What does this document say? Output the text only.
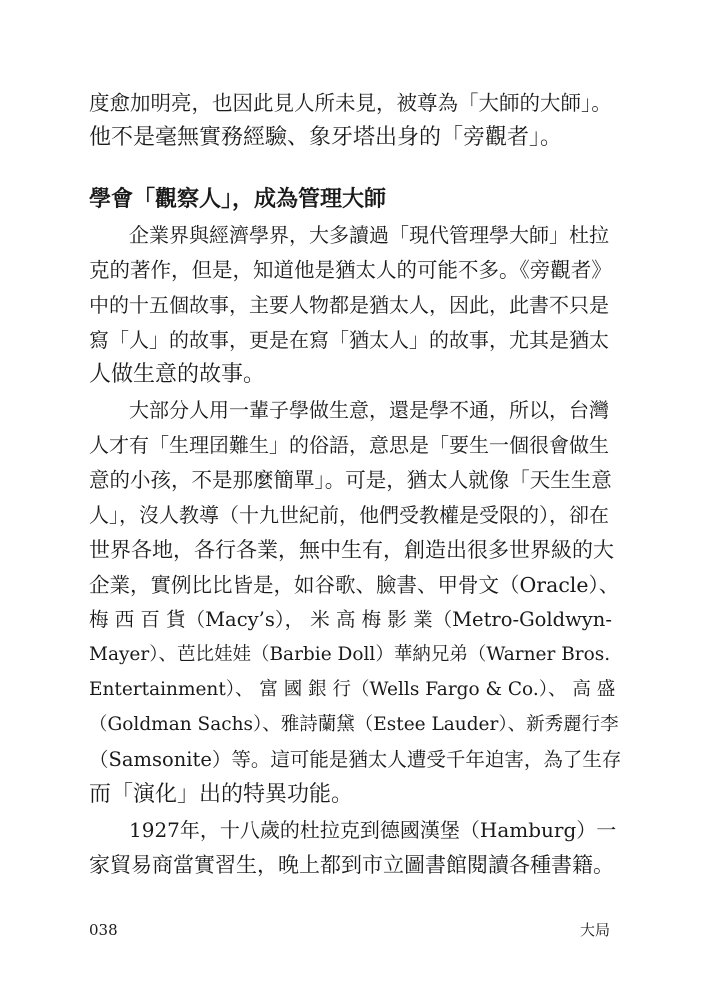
度愈加明亮，也因此見人所未見，被尊為「大師的大師」。
他不是毫無實務經驗、象牙塔出身的「旁觀者」。
學會「觀察人」，成為管理大師
　　企業界與經濟學界，大多讀過「現代管理學大師」杜拉
克的著作，但是，知道他是猶太人的可能不多。《旁觀者》
中的十五個故事，主要人物都是猶太人，因此，此書不只是
寫「人」的故事，更是在寫「猶太人」的故事，尤其是猶太
人做生意的故事。
　　大部分人用一輩子學做生意，還是學不通，所以，台灣
人才有「生理囝難生」的俗語，意思是「要生一個很會做生
意的小孩，不是那麼簡單」。可是，猶太人就像「天生生意
人」，沒人教導（十九世紀前，他們受教權是受限的），卻在
世界各地，各行各業，無中生有，創造出很多世界級的大
企業，實例比比皆是，如谷歌、臉書、甲骨文（Oracle）、
梅 西 百 貨（Macy’s）， 米 高 梅 影 業（Metro-Goldwyn-
Mayer）、芭比娃娃（Barbie Doll）華納兄弟（Warner Bros.
Entertainment）、 富 國 銀 行（Wells Fargo & Co.）、 高 盛
（Goldman Sachs）、雅詩蘭黛（Estee Lauder）、新秀麗行李
（Samsonite）等。這可能是猶太人遭受千年迫害，為了生存
而「演化」出的特異功能。
　　1927年，十八歲的杜拉克到德國漢堡（Hamburg）一
家貿易商當實習生，晚上都到市立圖書館閱讀各種書籍。
038	大局
